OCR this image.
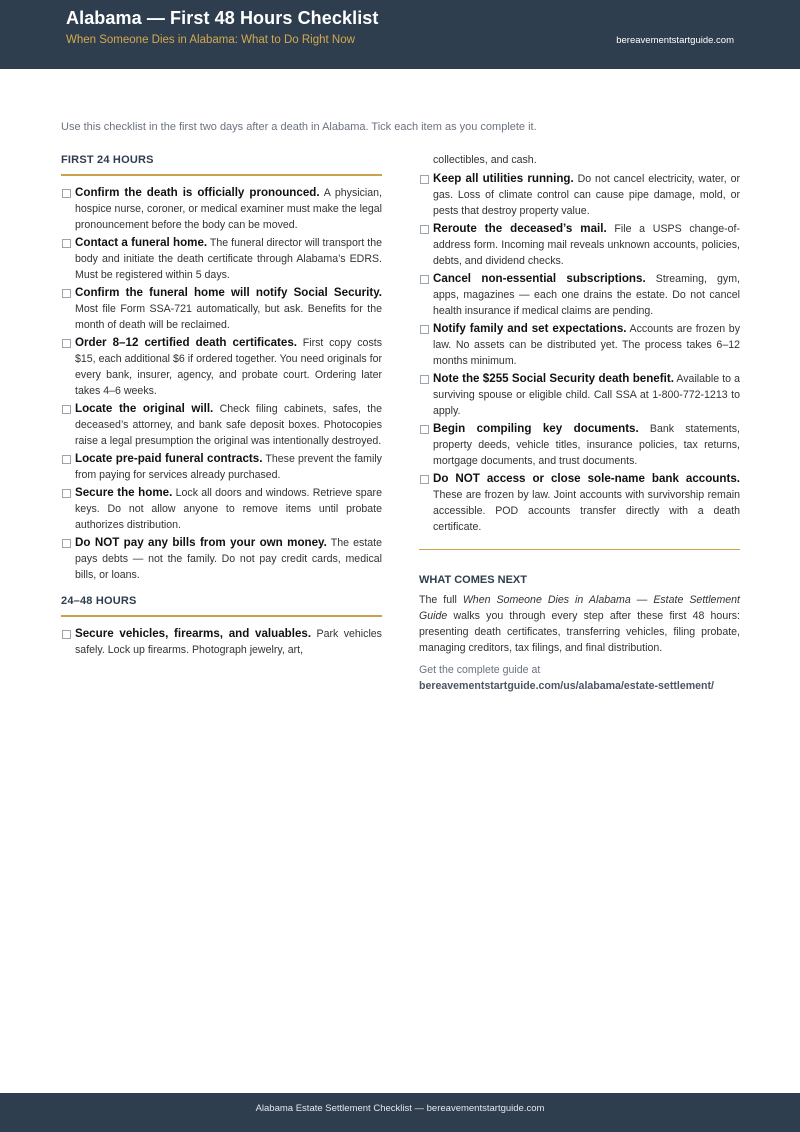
Alabama — First 48 Hours Checklist
When Someone Dies in Alabama: What to Do Right Now	bereavementstartguide.com
Use this checklist in the first two days after a death in Alabama. Tick each item as you complete it.
FIRST 24 HOURS
Confirm the death is officially pronounced. A physician, hospice nurse, coroner, or medical examiner must make the legal pronouncement before the body can be moved.
Contact a funeral home. The funeral director will transport the body and initiate the death certificate through Alabama’s EDRS. Must be registered within 5 days.
Confirm the funeral home will notify Social Security. Most file Form SSA-721 automatically, but ask. Benefits for the month of death will be reclaimed.
Order 8–12 certified death certificates. First copy costs $15, each additional $6 if ordered together. You need originals for every bank, insurer, agency, and probate court. Ordering later takes 4–6 weeks.
Locate the original will. Check filing cabinets, safes, the deceased’s attorney, and bank safe deposit boxes. Photocopies raise a legal presumption the original was intentionally destroyed.
Locate pre-paid funeral contracts. These prevent the family from paying for services already purchased.
Secure the home. Lock all doors and windows. Retrieve spare keys. Do not allow anyone to remove items until probate authorizes distribution.
Do NOT pay any bills from your own money. The estate pays debts — not the family. Do not pay credit cards, medical bills, or loans.
24–48 HOURS
Secure vehicles, firearms, and valuables. Park vehicles safely. Lock up firearms. Photograph jewelry, art,
collectibles, and cash.
Keep all utilities running. Do not cancel electricity, water, or gas. Loss of climate control can cause pipe damage, mold, or pests that destroy property value.
Reroute the deceased’s mail. File a USPS change-of-address form. Incoming mail reveals unknown accounts, policies, debts, and dividend checks.
Cancel non-essential subscriptions. Streaming, gym, apps, magazines — each one drains the estate. Do not cancel health insurance if medical claims are pending.
Notify family and set expectations. Accounts are frozen by law. No assets can be distributed yet. The process takes 6–12 months minimum.
Note the $255 Social Security death benefit. Available to a surviving spouse or eligible child. Call SSA at 1-800-772-1213 to apply.
Begin compiling key documents. Bank statements, property deeds, vehicle titles, insurance policies, tax returns, mortgage documents, and trust documents.
Do NOT access or close sole-name bank accounts. These are frozen by law. Joint accounts with survivorship remain accessible. POD accounts transfer directly with a death certificate.
WHAT COMES NEXT
The full When Someone Dies in Alabama — Estate Settlement Guide walks you through every step after these first 48 hours: presenting death certificates, transferring vehicles, filing probate, managing creditors, tax filings, and final distribution.
Get the complete guide at
bereavementstartguide.com/us/alabama/estate-settlement/
Alabama Estate Settlement Checklist — bereavementstartguide.com
